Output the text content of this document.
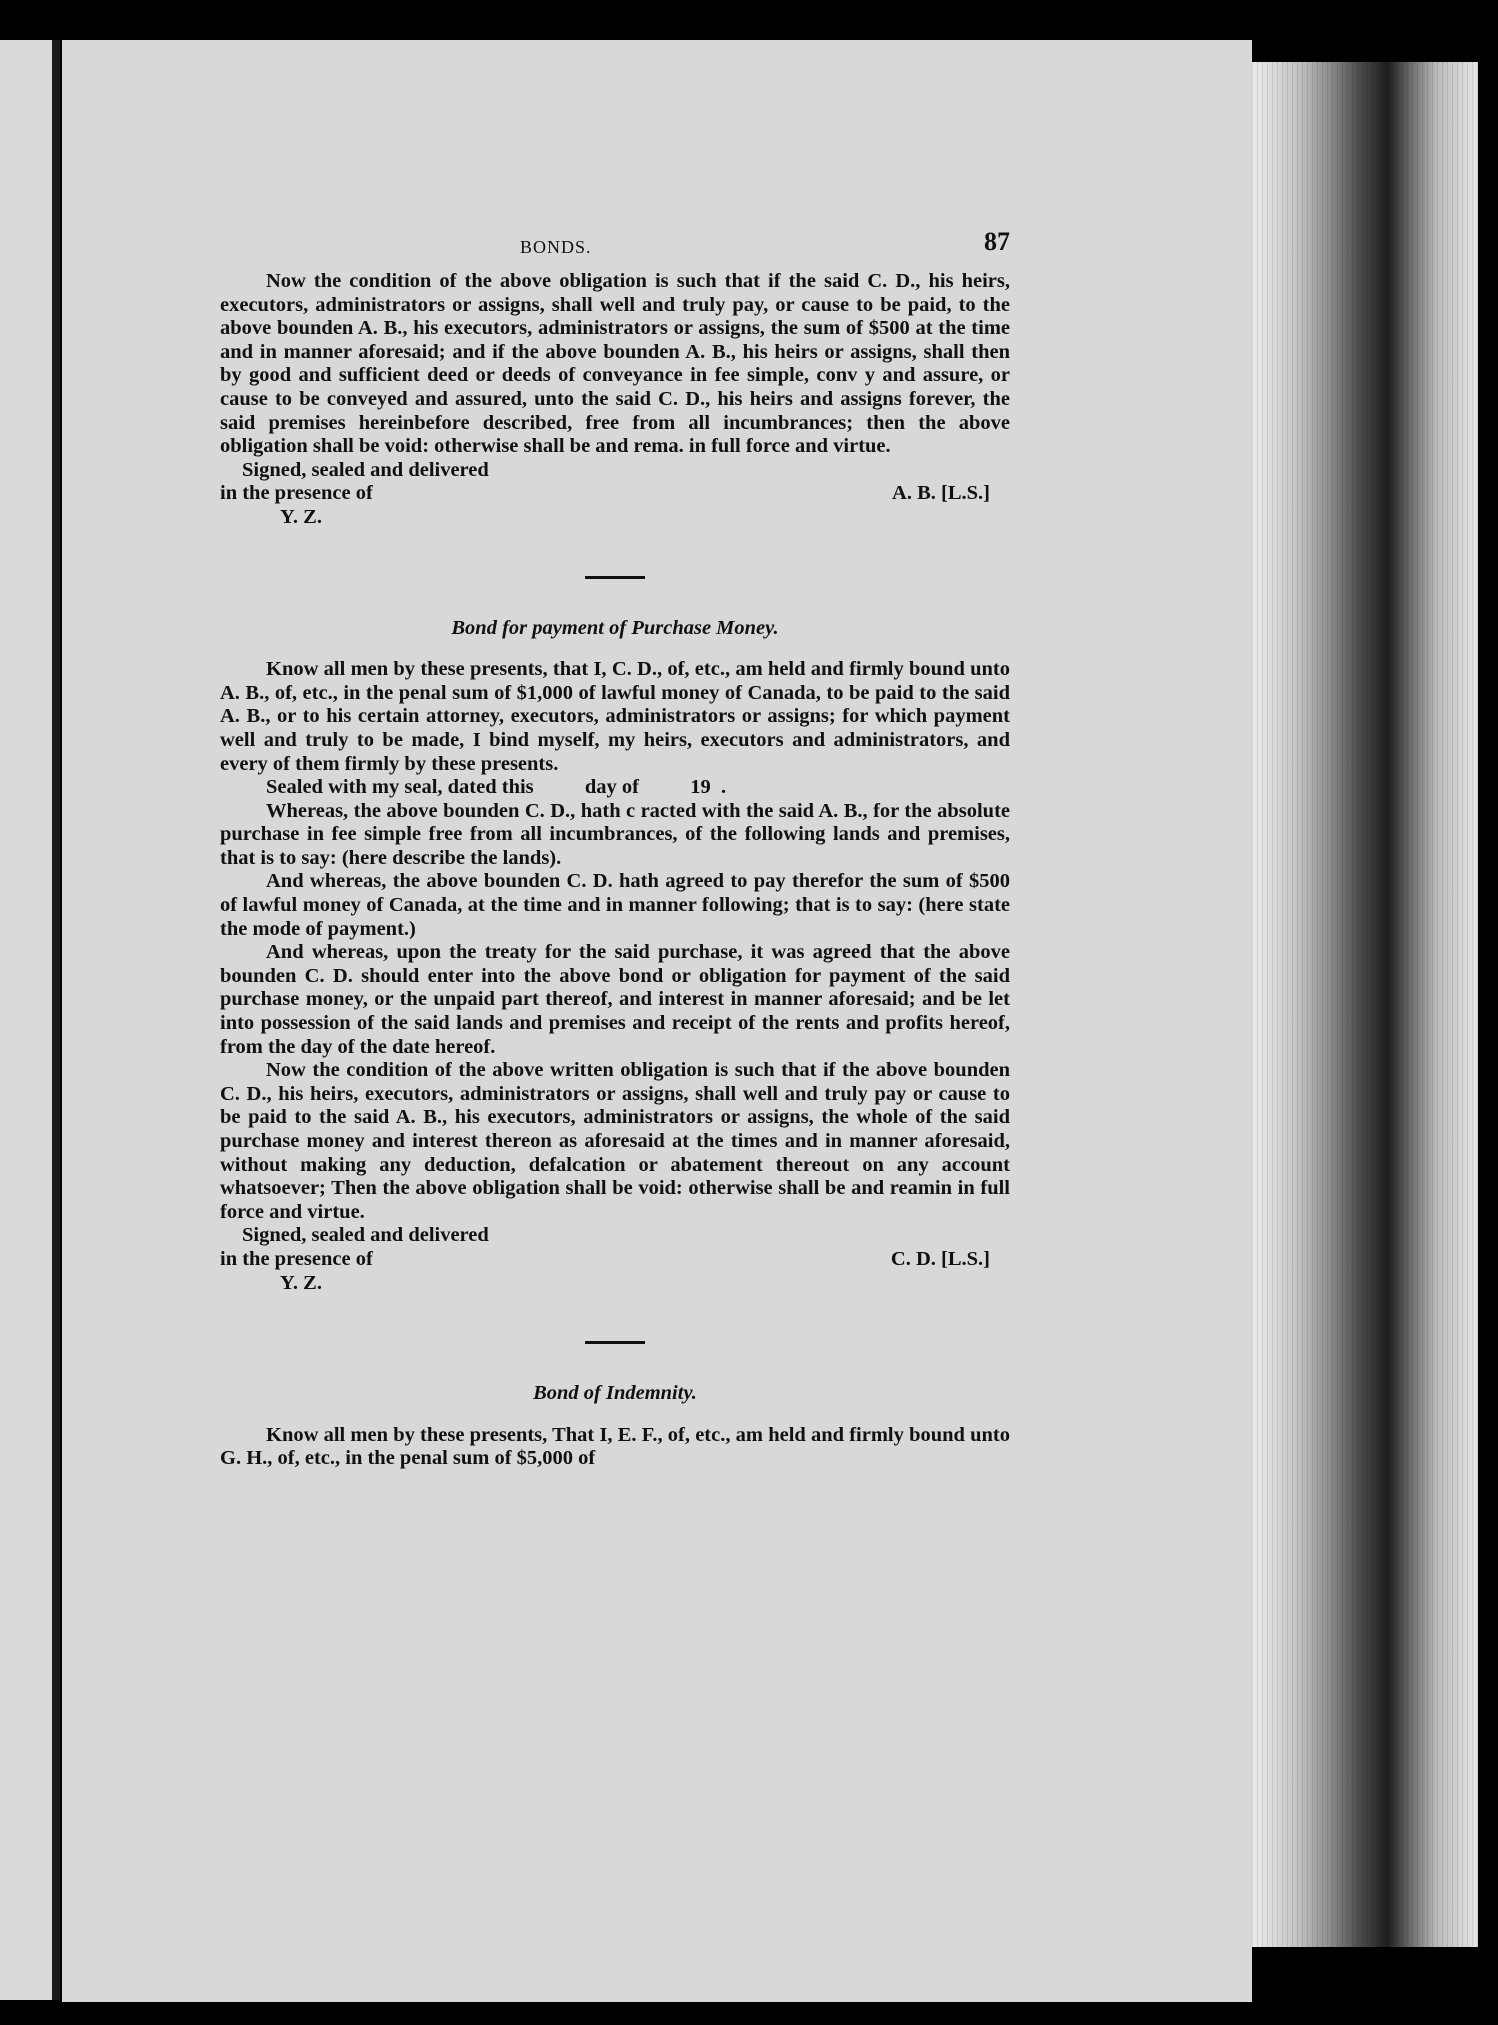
BONDS.	87

Now the condition of the above obligation is such that if the said C. D., his heirs, executors, administrators or assigns, shall well and truly pay, or cause to be paid, to the above bounden A. B., his executors, administrators or assigns, the sum of $500 at the time and in manner aforesaid; and if the above bounden A. B., his heirs or assigns, shall then by good and sufficient deed or deeds of conveyance in fee simple, conv y and assure, or cause to be conveyed and assured, unto the said C. D., his heirs and assigns forever, the said premises hereinbefore described, free from all incumbrances; then the above obligation shall be void: otherwise shall be and rema. in full force and virtue.

Signed, sealed and delivered
in the presence of	A. B. [L.S.]
Y. Z.
Bond for payment of Purchase Money.

Know all men by these presents, that I, C. D., of, etc., am held and firmly bound unto A. B., of, etc., in the penal sum of $1,000 of lawful money of Canada, to be paid to the said A. B., or to his certain attorney, executors, administrators or assigns; for which payment well and truly to be made, I bind myself, my heirs, executors and administrators, and every of them firmly by these presents.

Sealed with my seal, dated this          day of          19  .

Whereas, the above bounden C. D., hath c racted with the said A. B., for the absolute purchase in fee simple free from all incumbrances, of the following lands and premises, that is to say: (here describe the lands).

And whereas, the above bounden C. D. hath agreed to pay therefor the sum of $500 of lawful money of Canada, at the time and in manner following; that is to say: (here state the mode of payment.)

And whereas, upon the treaty for the said purchase, it was agreed that the above bounden C. D. should enter into the above bond or obligation for payment of the said purchase money, or the unpaid part thereof, and interest in manner aforesaid; and be let into possession of the said lands and premises and receipt of the rents and profits hereof, from the day of the date hereof.

Now the condition of the above written obligation is such that if the above bounden C. D., his heirs, executors, administrators or assigns, shall well and truly pay or cause to be paid to the said A. B., his executors, administrators or assigns, the whole of the said purchase money and interest thereon as aforesaid at the times and in manner aforesaid, without making any deduction, defalcation or abatement thereout on any account whatsoever; Then the above obligation shall be void: otherwise shall be and reamin in full force and virtue.

Signed, sealed and delivered
in the presence of	C. D. [L.S.]
Y. Z.
Bond of Indemnity.

Know all men by these presents, That I, E. F., of, etc., am held and firmly bound unto G. H., of, etc., in the penal sum of $5,000 of
